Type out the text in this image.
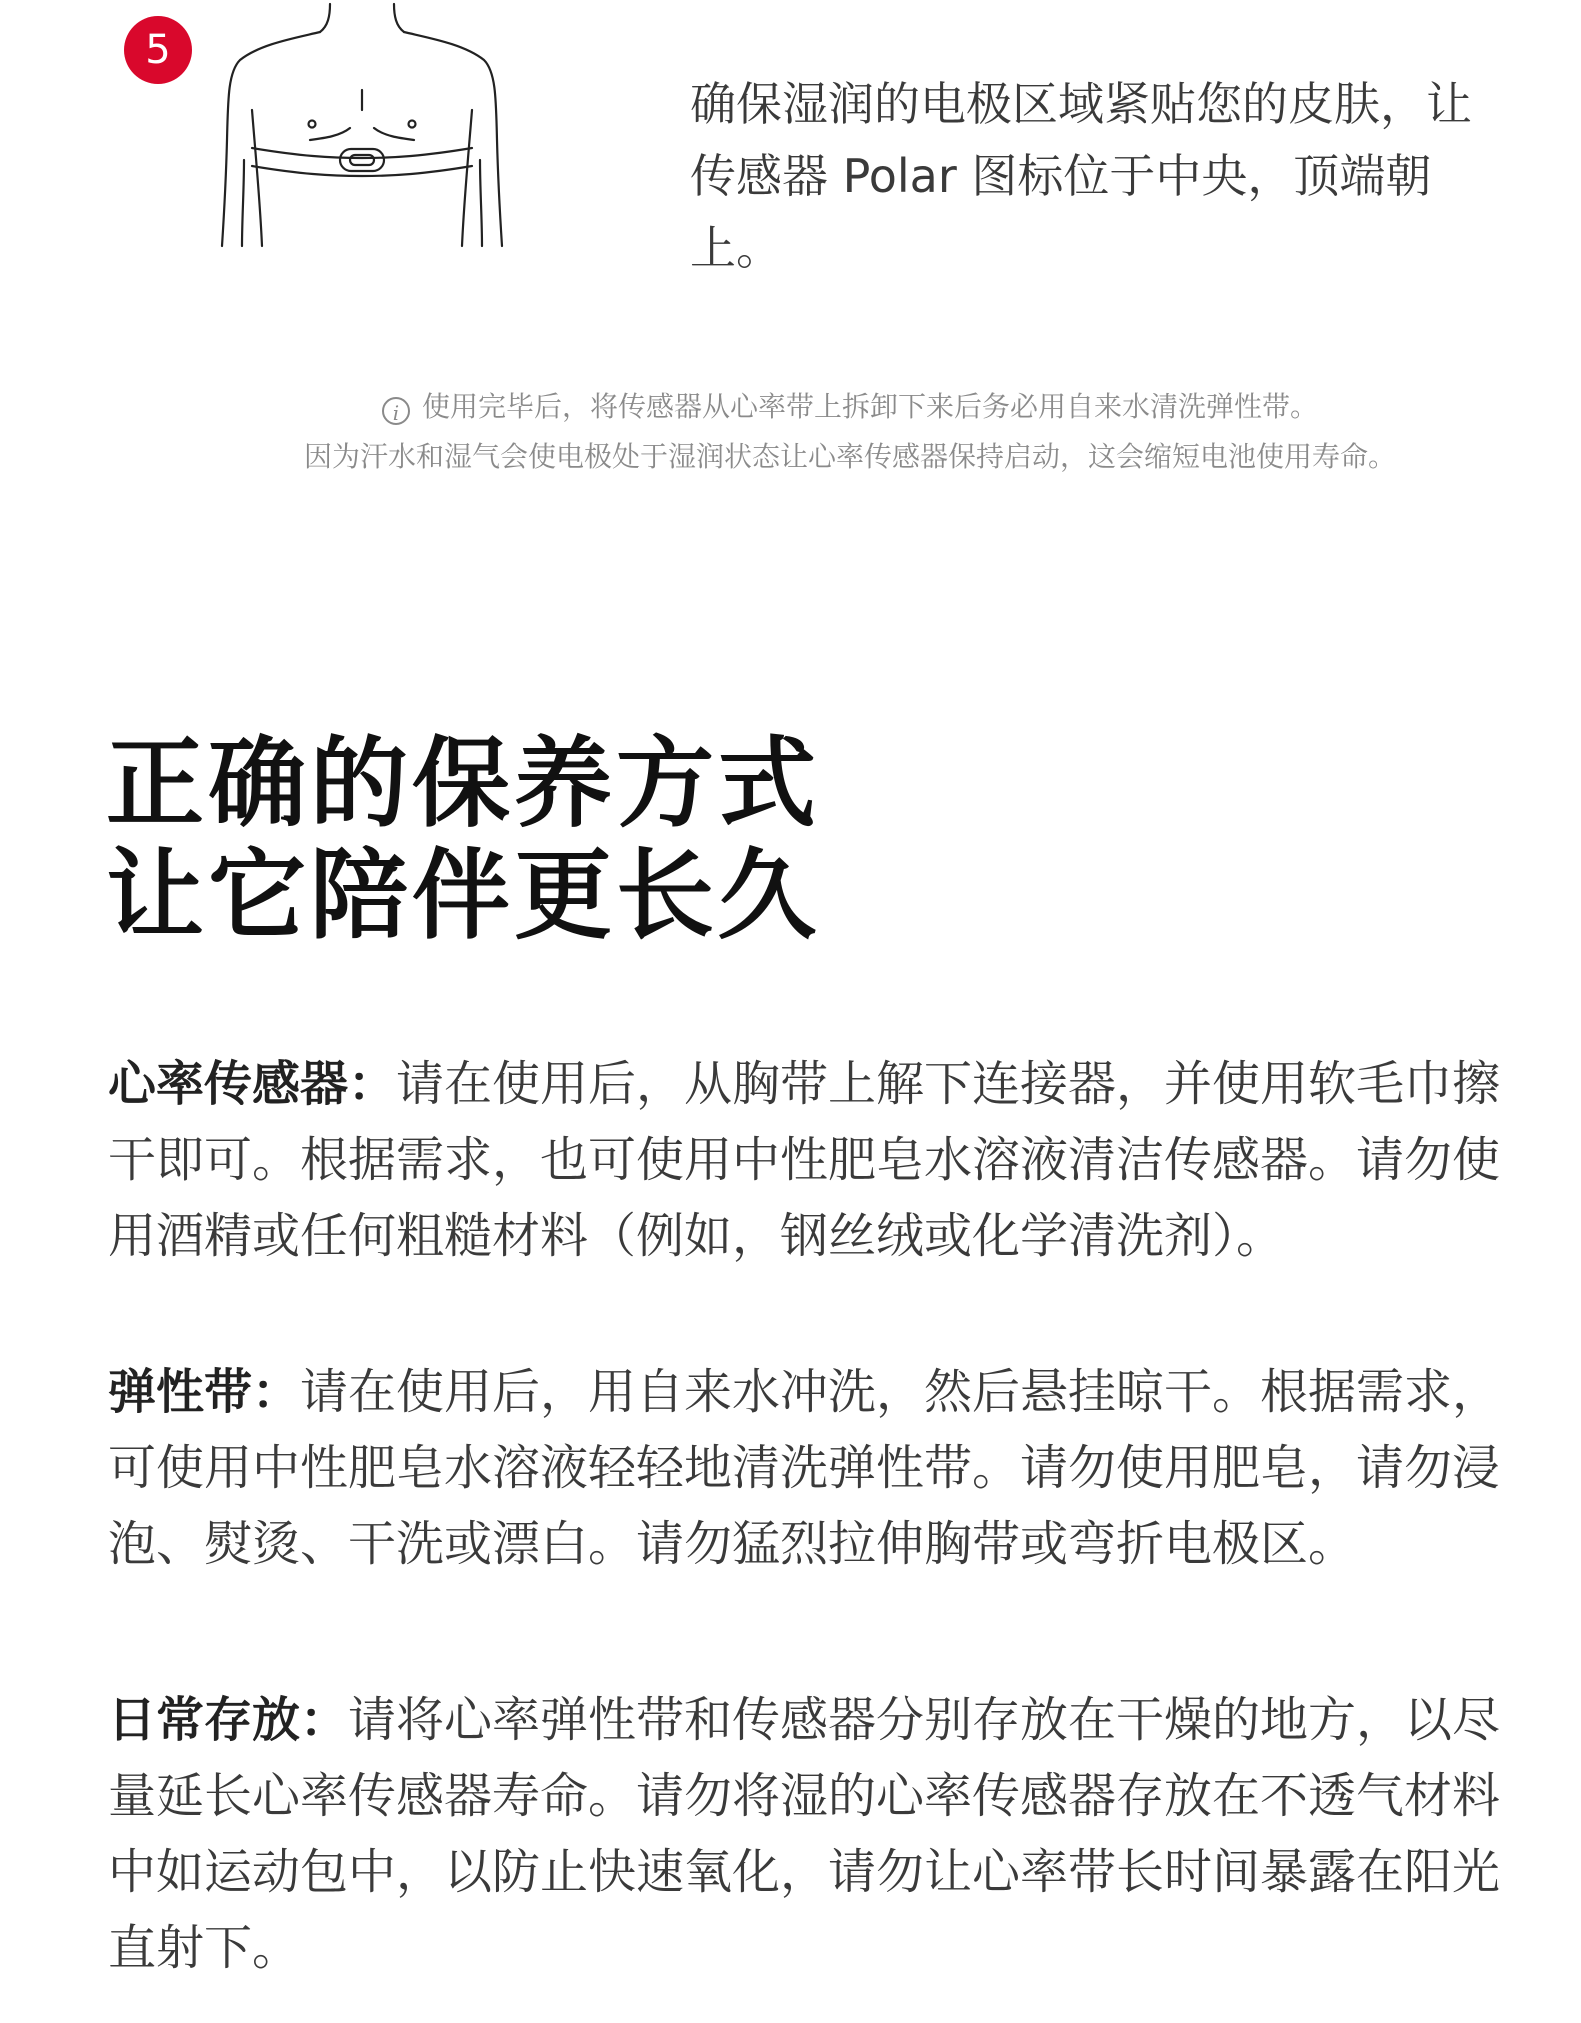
5
确保湿润的电极区域紧贴您的皮肤，让传感器 Polar 图标位于中央，顶端朝上。
i 使用完毕后，将传感器从心率带上拆卸下来后务必用自来水清洗弹性带。
因为汗水和湿气会使电极处于湿润状态让心率传感器保持启动，这会缩短电池使用寿命。
正确的保养方式
让它陪伴更长久
心率传感器：请在使用后，从胸带上解下连接器，并使用软毛巾擦干即可。根据需求，也可使用中性肥皂水溶液清洁传感器。请勿使用酒精或任何粗糙材料（例如，钢丝绒或化学清洗剂）。
弹性带：请在使用后，用自来水冲洗，然后悬挂晾干。根据需求，可使用中性肥皂水溶液轻轻地清洗弹性带。请勿使用肥皂，请勿浸泡、熨烫、干洗或漂白。请勿猛烈拉伸胸带或弯折电极区。
日常存放：请将心率弹性带和传感器分别存放在干燥的地方，以尽量延长心率传感器寿命。请勿将湿的心率传感器存放在不透气材料中如运动包中，以防止快速氧化，请勿让心率带长时间暴露在阳光直射下。
